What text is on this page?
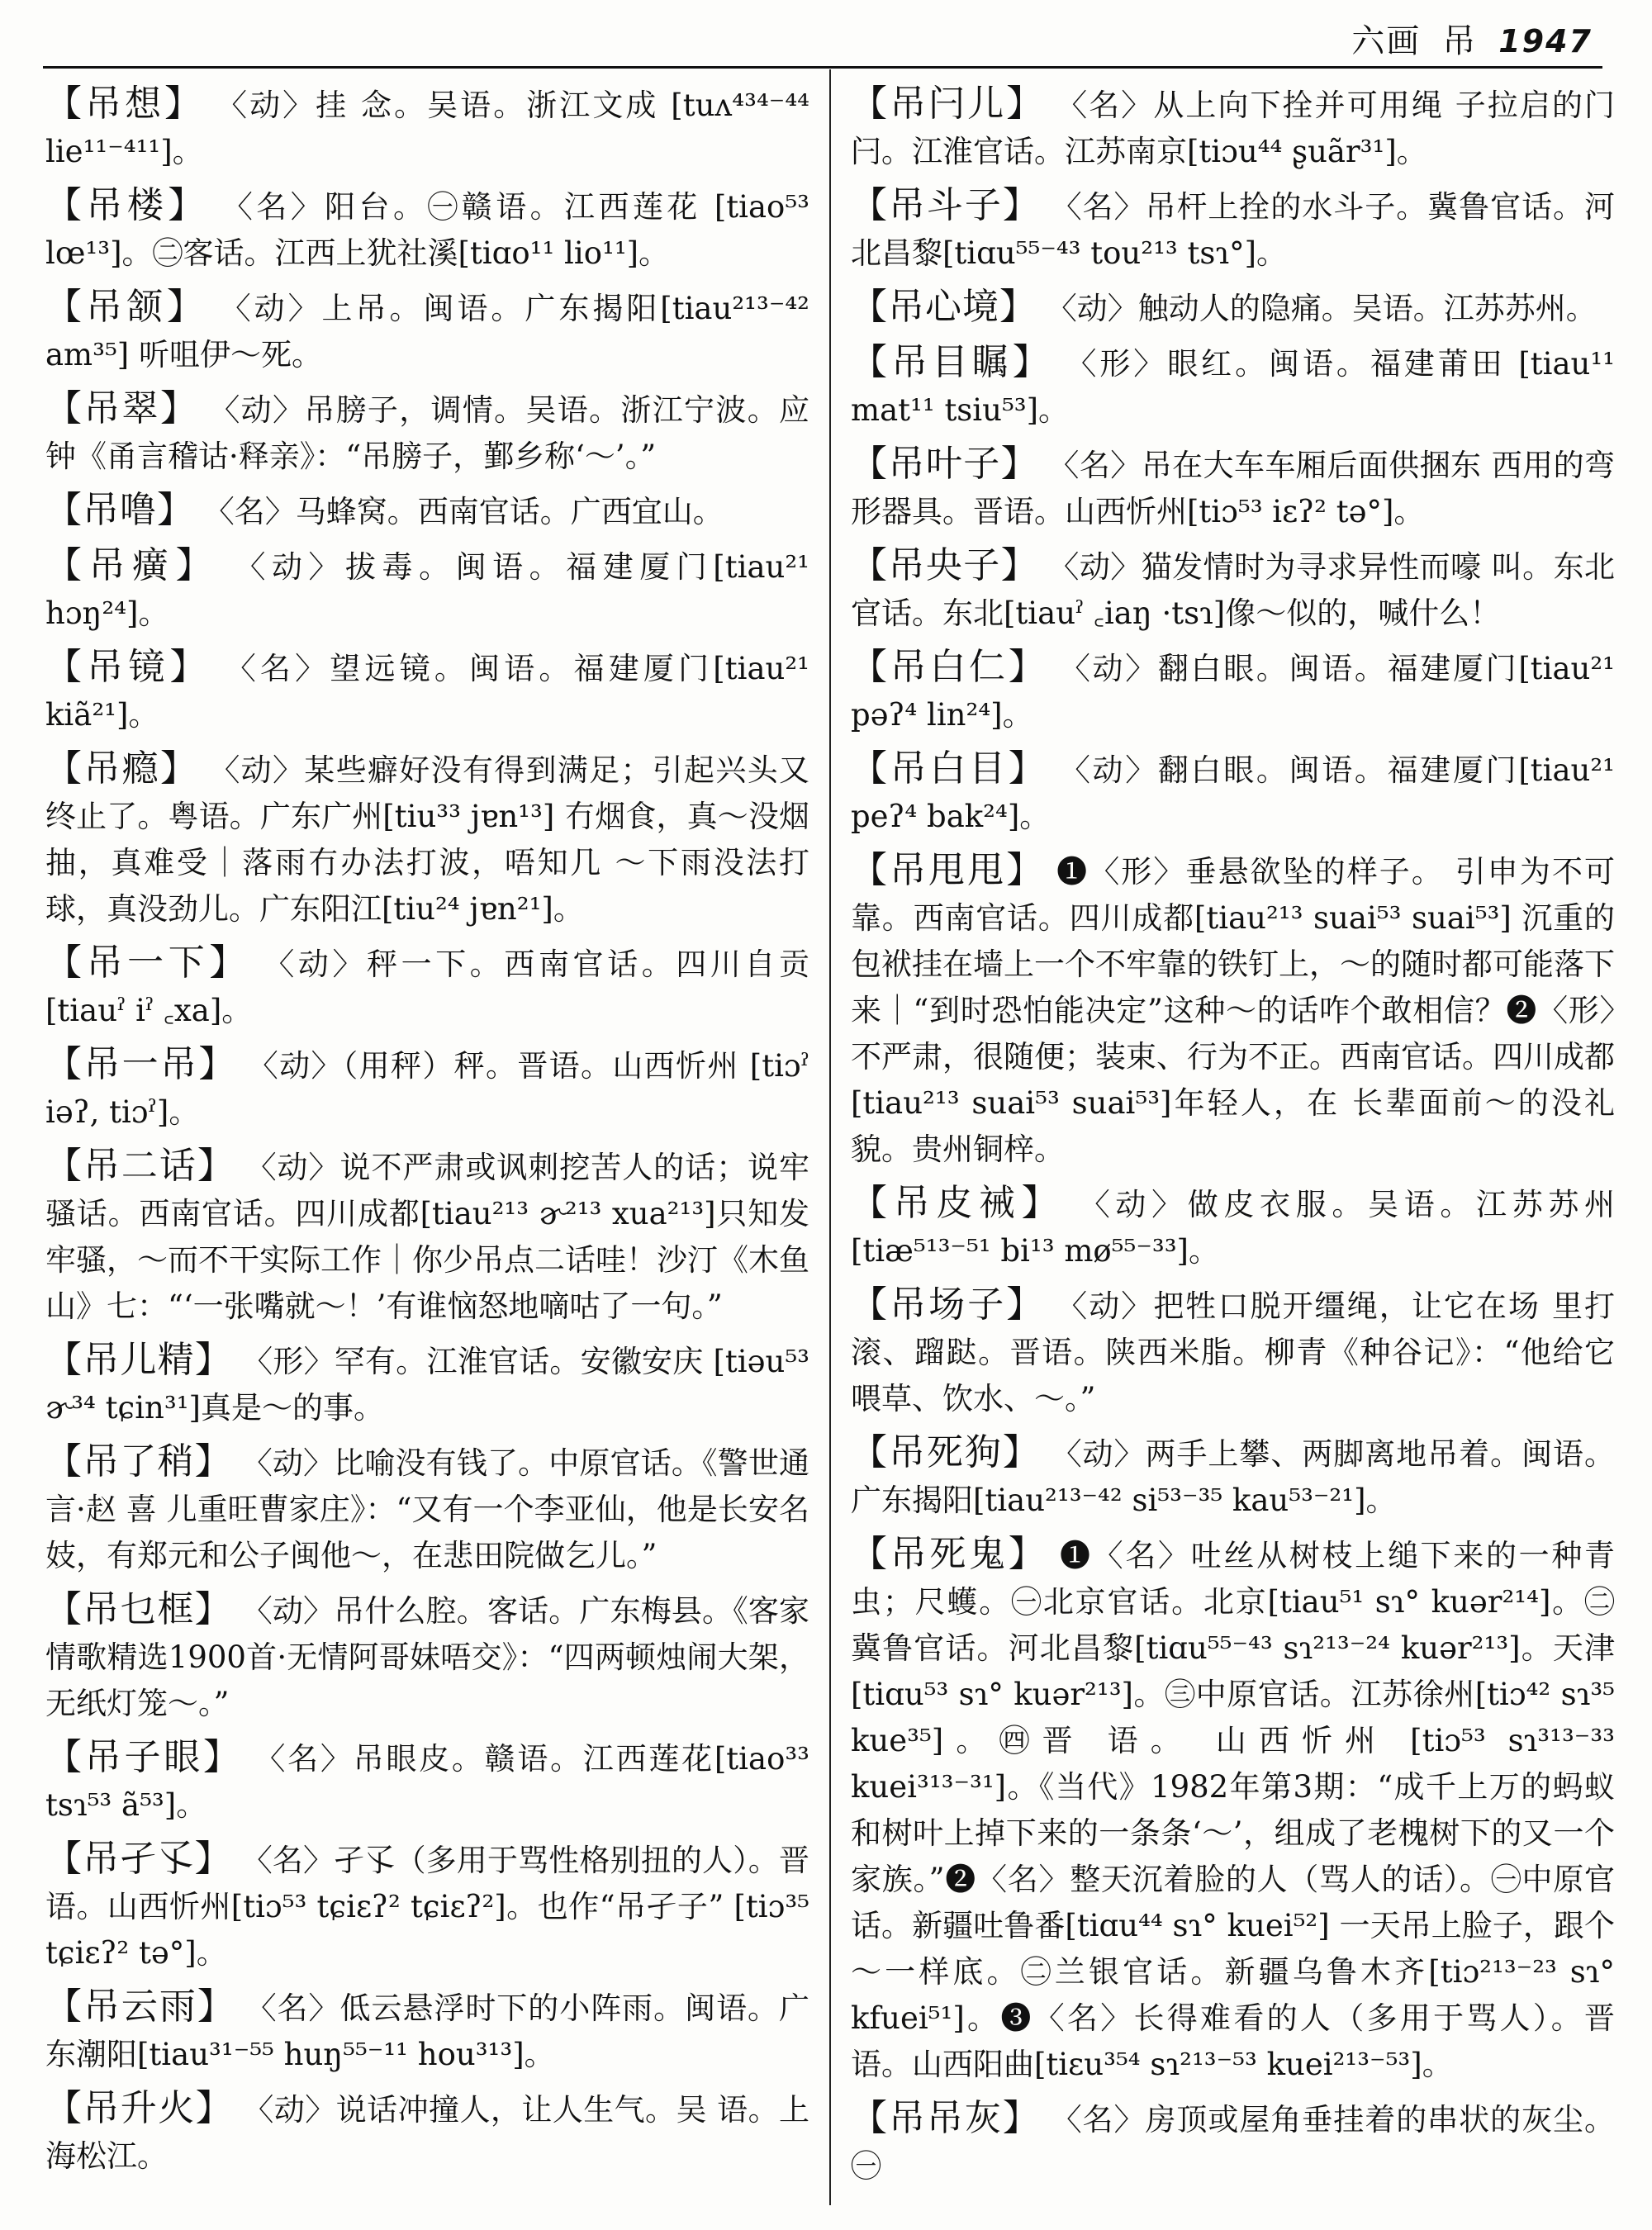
六画 吊 1947

【吊想】 〈动〉挂 念。吴语。浙江文成 [tuʌ⁴³⁴⁻⁴⁴ lie¹¹⁻⁴¹¹]。

【吊楼】 〈名〉阳台。㊀赣语。江西莲花 [tiao⁵³ lœ¹³]。㊁客话。江西上犹社溪[tiɑo¹¹ lio¹¹]。

【吊颔】 〈动〉上吊。闽语。广东揭阳[tiau²¹³⁻⁴² am³⁵] 听咀伊～死。

【吊翠】 〈动〉吊膀子，调情。吴语。浙江宁波。应钟《甬言稽诂·释亲》：“吊膀子，鄞乡称‘～’。”

【吊噜】 〈名〉马蜂窝。西南官话。广西宜山。

【吊癀】 〈动〉拔毒。闽语。福建厦门[tiau²¹ hɔŋ²⁴]。

【吊镜】 〈名〉望远镜。闽语。福建厦门[tiau²¹ kiã²¹]。

【吊瘾】 〈动〉某些癖好没有得到满足；引起兴头又终止了。粤语。广东广州[tiu³³ jɐn¹³] 冇烟食，真～没烟抽，真难受｜落雨冇办法打波，唔知几 ～下雨没法打球，真没劲儿。广东阳江[tiu²⁴ jɐn²¹]。

【吊一下】 〈动〉秤一下。西南官话。四川自贡 [tiauˀ iˀ ꜀xa]。

【吊一吊】 〈动〉（用秤）秤。晋语。山西忻州 [tiɔˀ iəʔ, tiɔˀ]。

【吊二话】 〈动〉说不严肃或讽刺挖苦人的话；说牢骚话。西南官话。四川成都[tiau²¹³ ɚ²¹³ xua²¹³]只知发牢骚，～而不干实际工作｜你少吊点二话哇！沙汀《木鱼山》七：“‘一张嘴就～！’有谁恼怒地嘀咕了一句。”

【吊儿精】 〈形〉罕有。江淮官话。安徽安庆 [tiəu⁵³ ɚ³⁴ tɕin³¹]真是～的事。

【吊了稍】 〈动〉比喻没有钱了。中原官话。《警世通言·赵 喜 儿重旺曹家庄》：“又有一个李亚仙，他是长安名妓，有郑元和公子闽他～，在悲田院做乞儿。”

【吊乜框】 〈动〉吊什么腔。客话。广东梅县。《客家情歌精选1900首·无情阿哥妹唔交》：“四两顿烛闹大架，无纸灯笼～。”

【吊子眼】 〈名〉吊眼皮。赣语。江西莲花[tiao³³ tsɿ⁵³ ã⁵³]。

【吊孑孓】 〈名〉孑孓（多用于骂性格别扭的人）。晋语。山西忻州[tiɔ⁵³ tɕiɛʔ² tɕiɛʔ²]。也作“吊孑子” [tiɔ³⁵ tɕiɛʔ² tə°]。

【吊云雨】 〈名〉低云悬浮时下的小阵雨。闽语。广东潮阳[tiau³¹⁻⁵⁵ huŋ⁵⁵⁻¹¹ hou³¹³]。

【吊升火】 〈动〉说话冲撞人，让人生气。吴 语。上海松江。

【吊闩儿】 〈名〉从上向下拴并可用绳 子拉启的门闩。江淮官话。江苏南京[tiɔu⁴⁴ ʂuãr³¹]。

【吊斗子】 〈名〉吊杆上拴的水斗子。冀鲁官话。河北昌黎[tiɑu⁵⁵⁻⁴³ tou²¹³ tsɿ°]。

【吊心境】 〈动〉触动人的隐痛。吴语。江苏苏州。

【吊目瞩】 〈形〉眼红。闽语。福建莆田 [tiau¹¹ mat¹¹ tsiu⁵³]。

【吊叶子】 〈名〉吊在大车车厢后面供捆东 西用的弯形器具。晋语。山西忻州[tiɔ⁵³ iɛʔ² tə°]。

【吊央子】 〈动〉猫发情时为寻求异性而嚎 叫。东北官话。东北[tiauˀ ꜀iaŋ ·tsɿ]像～似的，喊什么！

【吊白仁】 〈动〉翻白眼。闽语。福建厦门[tiau²¹ pəʔ⁴ lin²⁴]。

【吊白目】 〈动〉翻白眼。闽语。福建厦门[tiau²¹ peʔ⁴ bak²⁴]。

【吊甩甩】 ❶〈形〉垂悬欲坠的样子。 引申为不可靠。西南官话。四川成都[tiau²¹³ suai⁵³ suai⁵³] 沉重的包袱挂在墙上一个不牢靠的铁钉上，～的随时都可能落下来｜“到时恐怕能决定”这种～的话咋个敢相信？❷〈形〉不严肃，很随便；装束、行为不正。西南官话。四川成都[tiau²¹³ suai⁵³ suai⁵³]年轻人，在 长辈面前～的没礼貌。贵州铜梓。

【吊皮祴】 〈动〉做皮衣服。吴语。江苏苏州[tiæ⁵¹³⁻⁵¹ bi¹³ mø⁵⁵⁻³³]。

【吊场子】 〈动〉把牲口脱开缰绳，让它在场 里打滚、蹓跶。晋语。陕西米脂。柳青《种谷记》：“他给它喂草、饮水、～。”

【吊死狗】 〈动〉两手上攀、两脚离地吊着。闽语。广东揭阳[tiau²¹³⁻⁴² si⁵³⁻³⁵ kau⁵³⁻²¹]。

【吊死鬼】 ❶〈名〉吐丝从树枝上缒下来的一种青虫；尺蠖。㊀北京官话。北京[tiau⁵¹ sɿ° kuər²¹⁴]。㊁冀鲁官话。河北昌黎[tiɑu⁵⁵⁻⁴³ sɿ²¹³⁻²⁴ kuər²¹³]。天津[tiɑu⁵³ sɿ° kuər²¹³]。㊂中原官话。江苏徐州[tiɔ⁴² sɿ³⁵ kue³⁵]。㊃晋 语。 山西忻州 [tiɔ⁵³ sɿ³¹³⁻³³ kuei³¹³⁻³¹]。《当代》1982年第3期：“成千上万的蚂蚁和树叶上掉下来的一条条‘～’，组成了老槐树下的又一个家族。”❷〈名〉整天沉着脸的人（骂人的话）。㊀中原官话。新疆吐鲁番[tiɑu⁴⁴ sɿ° kuei⁵²] 一天吊上脸子，跟个～一样底。㊁兰银官话。新疆乌鲁木齐[tiɔ²¹³⁻²³ sɿ° kfuei⁵¹]。❸〈名〉长得难看的人（多用于骂人）。晋语。山西阳曲[tiɛu³⁵⁴ sɿ²¹³⁻⁵³ kuei²¹³⁻⁵³]。

【吊吊灰】 〈名〉房顶或屋角垂挂着的串状的灰尘。㊀
